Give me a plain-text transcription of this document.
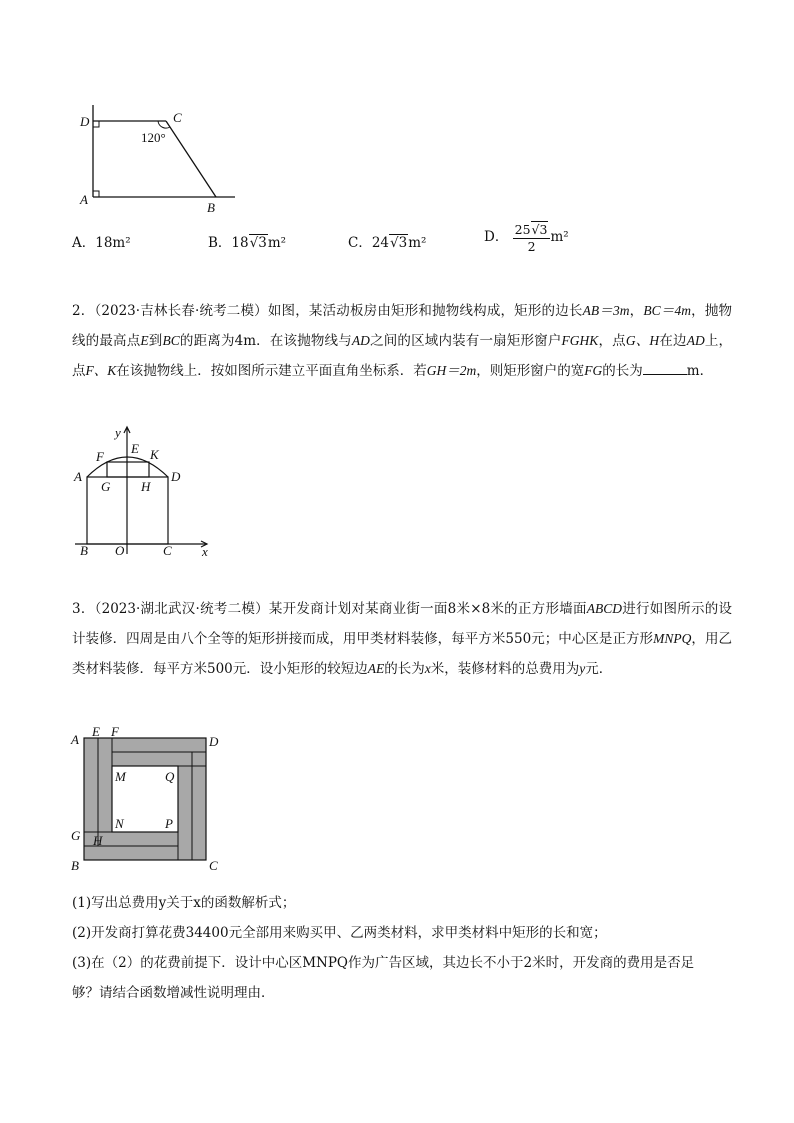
D	C
A
B
120°
A．18m²	B．18√3m²	C．24√3m²	D． $\frac{25√3}{2} m^2$

2．（2023·吉林长春·统考二模）如图，某活动板房由矩形和抛物线构成，矩形的边长AB＝3m，BC＝4m，抛物线的最高点E到BC的距离为4m．在该抛物线与AD之间的区域内装有一扇矩形窗户FGHK，点G、H在边AD上，点F、K在该抛物线上．按如图所示建立平面直角坐标系．若GH＝2m，则矩形窗户的宽FG的长为	m．

y
x
E
F	K
A	D
G H
B O	C

3．（2023·湖北武汉·统考二模）某开发商计划对某商业街一面8米×8米的正方形墙面ABCD进行如图所示的设计装修．四周是由八个全等的矩形拼接而成，用甲类材料装修，每平方米550元；中心区是正方形MNPQ，用乙类材料装修．每平方米500元．设小矩形的较短边AE的长为x米，装修材料的总费用为y元．

A
E F
D
M	Q
G
N	P
H
B	C

(1)写出总费用y关于x的函数解析式；

(2)开发商打算花费34400元全部用来购买甲、乙两类材料，求甲类材料中矩形的长和宽；

(3)在（2）的花费前提下．设计中心区MNPQ作为广告区域，其边长不小于2米时，开发商的费用是否足够？请结合函数增减性说明理由．
